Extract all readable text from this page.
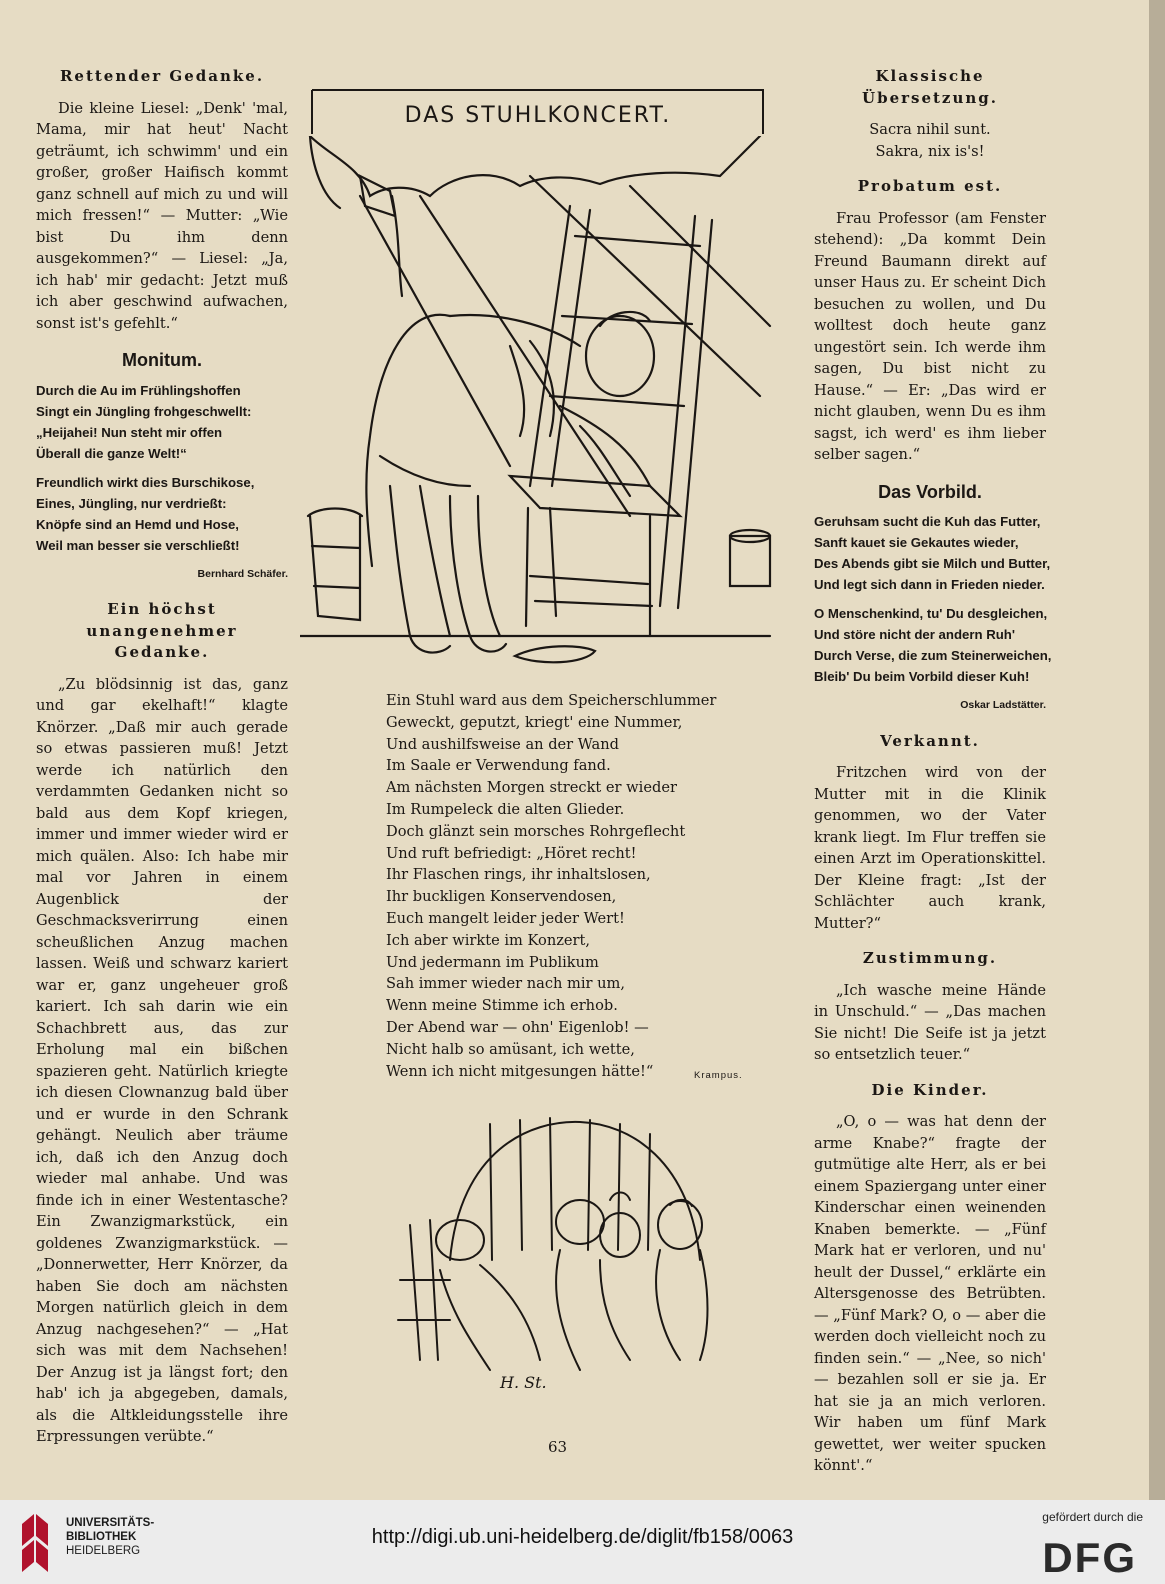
Rettender Gedanke.

Die kleine Liesel: „Denk' 'mal, Mama, mir hat heut' Nacht geträumt, ich schwimm' und ein großer, großer Haifisch kommt ganz schnell auf mich zu und will mich fressen!“ — Mutter: „Wie bist Du ihm denn ausgekommen?“ — Liesel: „Ja, ich hab' mir gedacht: Jetzt muß ich aber geschwind aufwachen, sonst ist's gefehlt.“

Monitum.
Durch die Au im Frühlingshoffen
Singt ein Jüngling frohgeschwellt:
„Heijahei! Nun steht mir offen
Überall die ganze Welt!“
Freundlich wirkt dies Burschikose,
Eines, Jüngling, nur verdrießt:
Knöpfe sind an Hemd und Hose,
Weil man besser sie verschließt!
Bernhard Schäfer.
Ein höchst unangenehmer Gedanke.

„Zu blödsinnig ist das, ganz und gar ekelhaft!“ klagte Knörzer. „Daß mir auch gerade so etwas passieren muß! Jetzt werde ich natürlich den verdammten Gedanken nicht so bald aus dem Kopf kriegen, immer und immer wieder wird er mich quälen. Also: Ich habe mir mal vor Jahren in einem Augenblick der Geschmacksverirrung einen scheußlichen Anzug machen lassen. Weiß und schwarz kariert war er, ganz ungeheuer groß kariert. Ich sah darin wie ein Schachbrett aus, das zur Erholung mal ein bißchen spazieren geht. Natürlich kriegte ich diesen Clownanzug bald über und er wurde in den Schrank gehängt. Neulich aber träume ich, daß ich den Anzug doch wieder mal anhabe. Und was finde ich in einer Westentasche? Ein Zwanzigmarkstück, ein goldenes Zwanzigmarkstück. — „Donnerwetter, Herr Knörzer, da haben Sie doch am nächsten Morgen natürlich gleich in dem Anzug nachgesehen?“ — „Hat sich was mit dem Nachsehen! Der Anzug ist ja längst fort; den hab' ich ja abgegeben, damals, als die Altkleidungsstelle ihre Erpressungen verübte.“

DAS STUHLKONCERT.
Ein Stuhl ward aus dem Speicherschlummer
Geweckt, geputzt, kriegt' eine Nummer,
Und aushilfsweise an der Wand
Im Saale er Verwendung fand.
Am nächsten Morgen streckt er wieder
Im Rumpeleck die alten Glieder.
Doch glänzt sein morsches Rohrgeflecht
Und ruft befriedigt: „Höret recht!
Ihr Flaschen rings, ihr inhaltslosen,
Ihr buckligen Konservendosen,
Euch mangelt leider jeder Wert!
Ich aber wirkte im Konzert,
Und jedermann im Publikum
Sah immer wieder nach mir um,
Wenn meine Stimme ich erhob.
Der Abend war — ohn' Eigenlob! —
Nicht halb so amüsant, ich wette,
Wenn ich nicht mitgesungen hätte!“	Krampus.
H. St.
Klassische Übersetzung.
Sacra nihil sunt.
Sakra, nix is's!
Probatum est.

Frau Professor (am Fenster stehend): „Da kommt Dein Freund Baumann direkt auf unser Haus zu. Er scheint Dich besuchen zu wollen, und Du wolltest doch heute ganz ungestört sein. Ich werde ihm sagen, Du bist nicht zu Hause.“ — Er: „Das wird er nicht glauben, wenn Du es ihm sagst, ich werd' es ihm lieber selber sagen.“

Das Vorbild.
Geruhsam sucht die Kuh das Futter,
Sanft kauet sie Gekautes wieder,
Des Abends gibt sie Milch und Butter,
Und legt sich dann in Frieden nieder.
O Menschenkind, tu' Du desgleichen,
Und störe nicht der andern Ruh'
Durch Verse, die zum Steinerweichen,
Bleib' Du beim Vorbild dieser Kuh!
Oskar Ladstätter.
Verkannt.

Fritzchen wird von der Mutter mit in die Klinik genommen, wo der Vater krank liegt. Im Flur treffen sie einen Arzt im Operationskittel. Der Kleine fragt: „Ist der Schlächter auch krank, Mutter?“

Zustimmung.

„Ich wasche meine Hände in Unschuld.“ — „Das machen Sie nicht! Die Seife ist ja jetzt so entsetzlich teuer.“

Die Kinder.

„O, o — was hat denn der arme Knabe?“ fragte der gutmütige alte Herr, als er bei einem Spaziergang unter einer Kinderschar einen weinenden Knaben bemerkte. — „Fünf Mark hat er verloren, und nu' heult der Dussel,“ erklärte ein Altersgenosse des Betrübten. — „Fünf Mark? O, o — aber die werden doch vielleicht noch zu finden sein.“ — „Nee, so nich' — bezahlen soll er sie ja. Er hat sie ja an mich verloren. Wir haben um fünf Mark gewettet, wer weiter spucken könnt'.“

63
UNIVERSITÄTS-
BIBLIOTHEK
HEIDELBERG
http://digi.ub.uni-heidelberg.de/diglit/fb158/0063
gefördert durch die
DFG
